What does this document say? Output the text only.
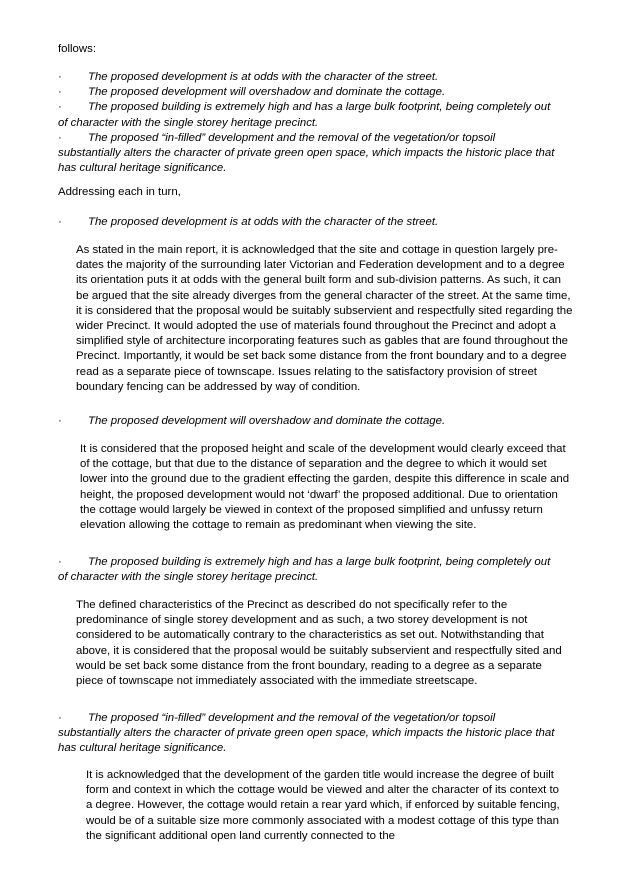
follows:

· The proposed development is at odds with the character of the street.

· The proposed development will overshadow and dominate the cottage.

· The proposed building is extremely high and has a large bulk footprint, being completely out of character with the single storey heritage precinct.

· The proposed “in-filled” development and the removal of the vegetation/or topsoil substantially alters the character of private green open space, which impacts the historic place that has cultural heritage significance.

Addressing each in turn,

· The proposed development is at odds with the character of the street.

As stated in the main report, it is acknowledged that the site and cottage in question largely pre-dates the majority of the surrounding later Victorian and Federation development and to a degree its orientation puts it at odds with the general built form and sub-division patterns. As such, it can be argued that the site already diverges from the general character of the street. At the same time, it is considered that the proposal would be suitably subservient and respectfully sited regarding the wider Precinct. It would adopted the use of materials found throughout the Precinct and adopt a simplified style of architecture incorporating features such as gables that are found throughout the Precinct. Importantly, it would be set back some distance from the front boundary and to a degree read as a separate piece of townscape. Issues relating to the satisfactory provision of street boundary fencing can be addressed by way of condition.

· The proposed development will overshadow and dominate the cottage.

It is considered that the proposed height and scale of the development would clearly exceed that of the cottage, but that due to the distance of separation and the degree to which it would set lower into the ground due to the gradient effecting the garden, despite this difference in scale and height, the proposed development would not ‘dwarf’ the proposed additional. Due to orientation the cottage would largely be viewed in context of the proposed simplified and unfussy return elevation allowing the cottage to remain as predominant when viewing the site.

· The proposed building is extremely high and has a large bulk footprint, being completely out of character with the single storey heritage precinct.

The defined characteristics of the Precinct as described do not specifically refer to the predominance of single storey development and as such, a two storey development is not considered to be automatically contrary to the characteristics as set out. Notwithstanding that above, it is considered that the proposal would be suitably subservient and respectfully sited and would be set back some distance from the front boundary, reading to a degree as a separate piece of townscape not immediately associated with the immediate streetscape.

· The proposed “in-filled” development and the removal of the vegetation/or topsoil substantially alters the character of private green open space, which impacts the historic place that has cultural heritage significance.

It is acknowledged that the development of the garden title would increase the degree of built form and context in which the cottage would be viewed and alter the character of its context to a degree. However, the cottage would retain a rear yard which, if enforced by suitable fencing, would be of a suitable size more commonly associated with a modest cottage of this type than the significant additional open land currently connected to the
